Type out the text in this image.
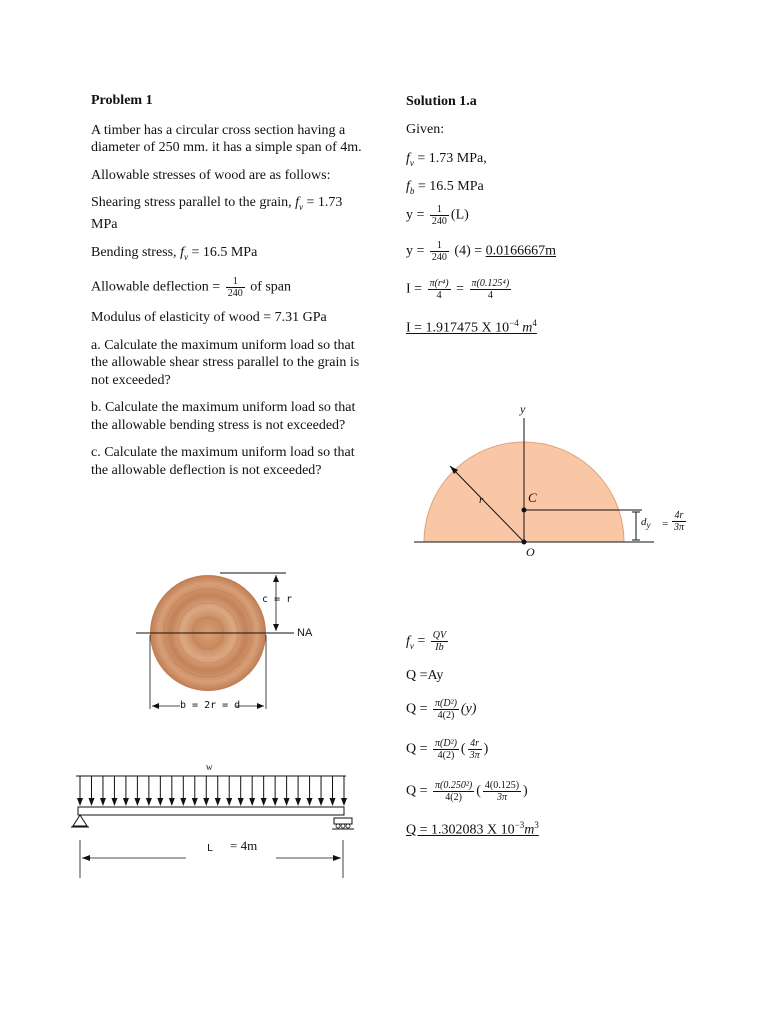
Problem 1

A timber has a circular cross section having a diameter of 250 mm. it has a simple span of 4m.

Allowable stresses of wood are as follows:

Shearing stress parallel to the grain, $f_v = 1.73$ MPa

Bending stress, $f_v = 16.5$ MPa

Allowable deflection = $\frac{1}{240}$ of span

Modulus of elasticity of wood = 7.31 GPa

a. Calculate the maximum uniform load so that the allowable shear stress parallel to the grain is not exceeded?

b. Calculate the maximum uniform load so that the allowable bending stress is not exceeded?

c. Calculate the maximum uniform load so that the allowable deflection is not exceeded?

Solution 1.a
Given:
$f_v = 1.73$ MPa,
$f_b = 16.5$ MPa
$y = \frac{1}{240} (L)$
$y = \frac{1}{240} (4) = 0.0166667m$
$I = \frac{\text{π(r⁴)}}{4} = \frac{\text{π(0.125⁴)}}{4}$
I = 1.917475 X $10^{-4}$ $m^4$
$f_v = \frac{QV}{Ib}$
Q =Ay
$Q = \frac{\text{π(D²)}}{4(2)} (y)$
$Q = \frac{\text{π(D²)}}{4(2)}$ ( $\frac{4r}{3\pi}$ )
$Q = \frac{\text{π(0.250²)}}{4(2)}$ ( $\frac{4(0.125)}{3\pi}$ )
Q = 1.302083 X $10^{-3}m^3$
y
r	C
O
$d_y = \frac{4r}{3\pi}$
c = r
NA
b = 2r = d
w
L = 4m
